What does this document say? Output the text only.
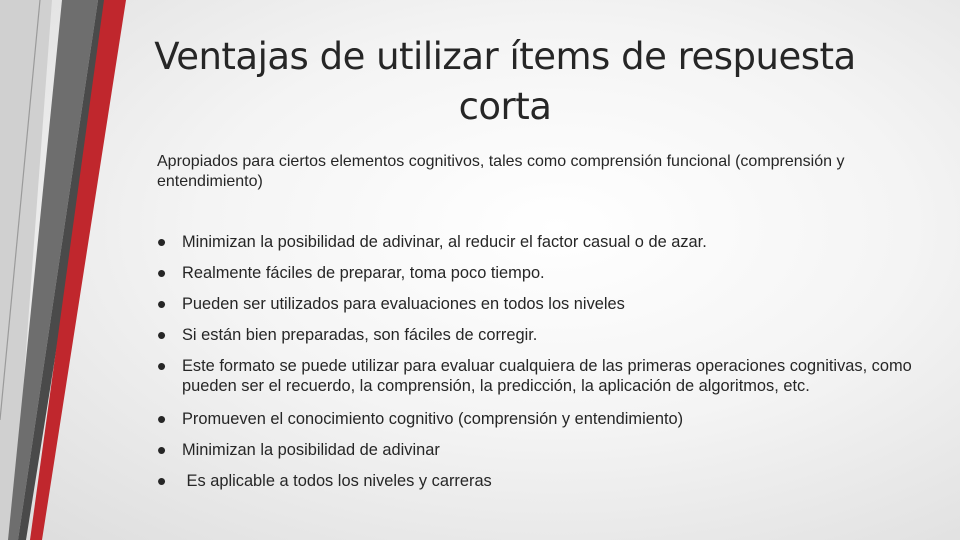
Ventajas de utilizar ítems de respuesta corta
Apropiados para ciertos elementos cognitivos, tales como comprensión funcional (comprensión y entendimiento)
• Minimizan la posibilidad de adivinar, al reducir el factor casual o de azar.
• Realmente fáciles de preparar, toma poco tiempo.
• Pueden ser utilizados para evaluaciones en todos los niveles
• Si están bien preparadas, son fáciles de corregir.
• Este formato se puede utilizar para evaluar cualquiera de las primeras operaciones cognitivas, como pueden ser el recuerdo, la comprensión, la predicción, la aplicación de algoritmos, etc.
• Promueven el conocimiento cognitivo (comprensión y entendimiento)
• Minimizan la posibilidad de adivinar
• Es aplicable a todos los niveles y carreras
